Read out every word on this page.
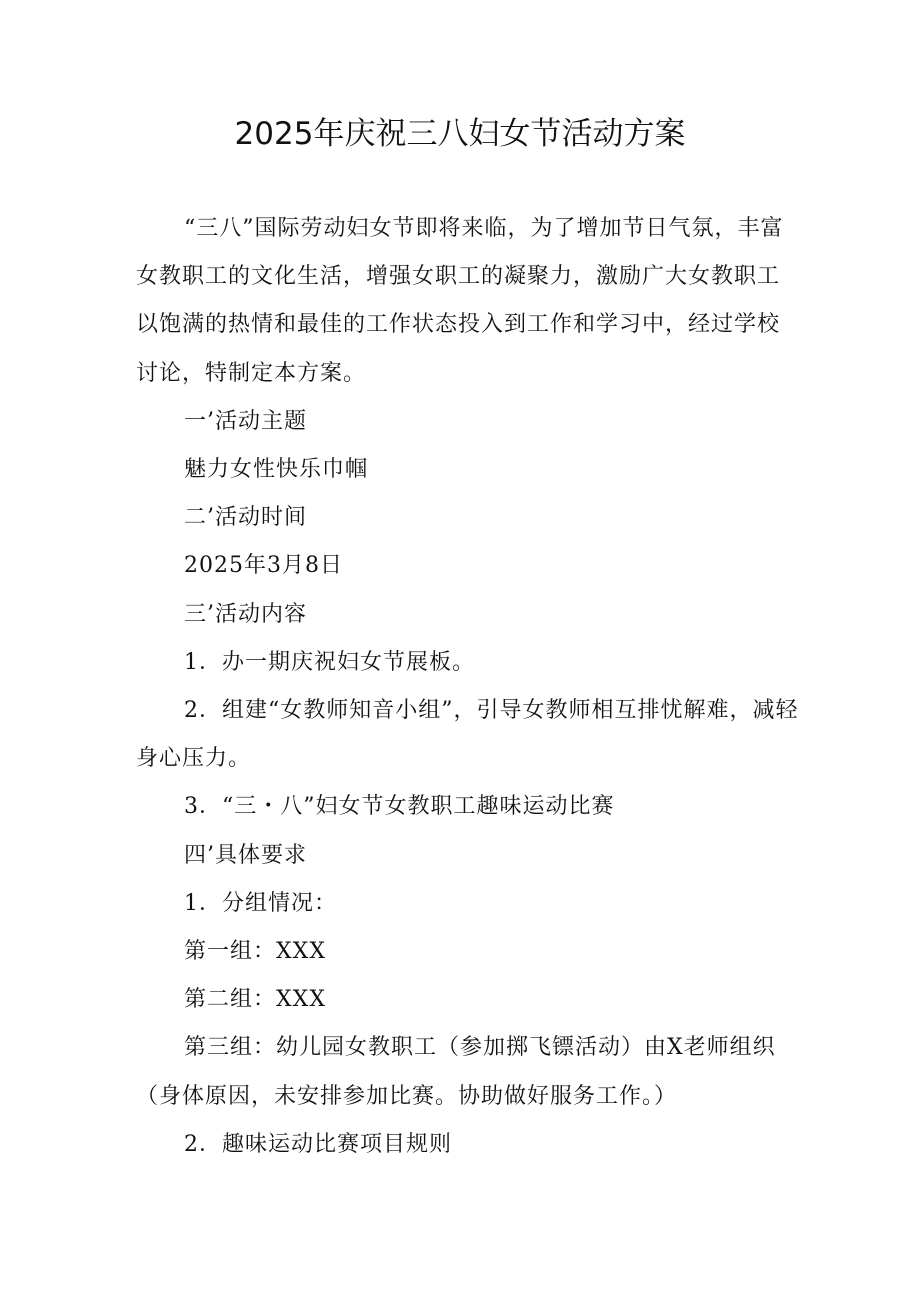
2025年庆祝三八妇女节活动方案

“三八”国际劳动妇女节即将来临，为了增加节日气氛，丰富女教职工的文化生活，增强女职工的凝聚力，激励广大女教职工以饱满的热情和最佳的工作状态投入到工作和学习中，经过学校讨论，特制定本方案。

一’活动主题

魅力女性快乐巾帼

二’活动时间

2025年3月8日

三’活动内容

1．办一期庆祝妇女节展板。

2．组建“女教师知音小组”，引导女教师相互排忧解难，减轻身心压力。

3．“三・八”妇女节女教职工趣味运动比赛

四’具体要求

1．分组情况：

第一组：XXX

第二组：XXX

第三组：幼儿园女教职工（参加掷飞镖活动）由X老师组织（身体原因，未安排参加比赛。协助做好服务工作。）

2．趣味运动比赛项目规则
